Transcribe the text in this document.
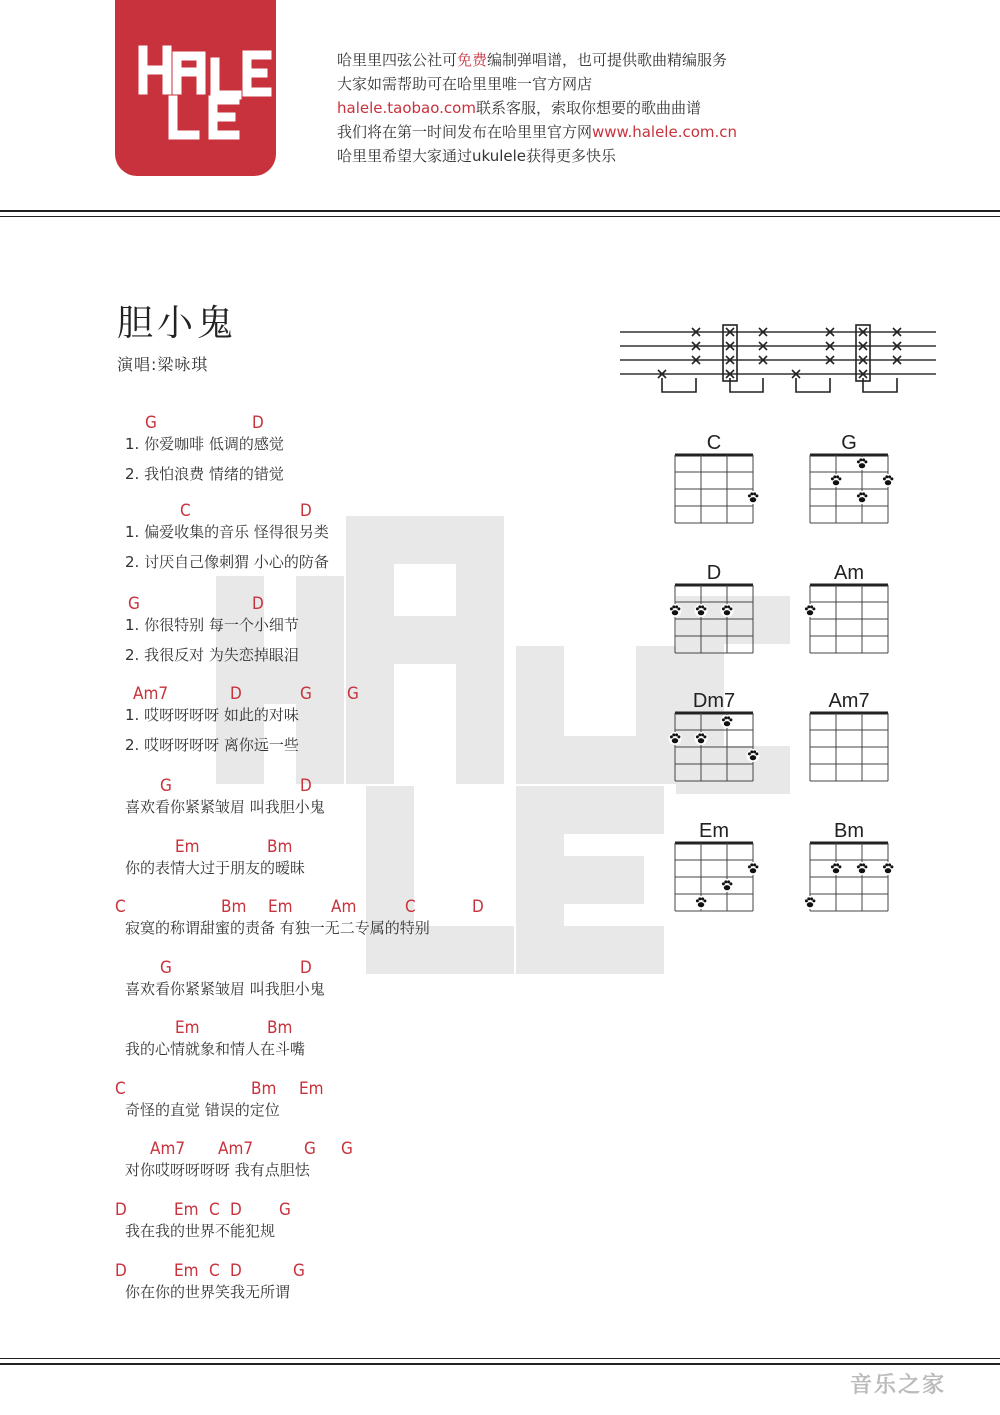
哈里里四弦公社可免费编制弹唱谱，也可提供歌曲精编服务
大家如需帮助可在哈里里唯一官方网店
halele.taobao.com联系客服，索取你想要的歌曲曲谱
我们将在第一时间发布在哈里里官方网www.halele.com.cn
哈里里希望大家通过ukulele获得更多快乐
胆小鬼
演唱:梁咏琪
G	D
1. 你爱咖啡 低调的感觉
2. 我怕浪费 情绪的错觉
C	D
1. 偏爱收集的音乐 怪得很另类
2. 讨厌自己像刺猬 小心的防备
G	D
1. 你很特别 每一个小细节
2. 我很反对 为失恋掉眼泪
Am7	D	G G
1. 哎呀呀呀呀 如此的对味
2. 哎呀呀呀呀 离你远一些
G	D
喜欢看你紧紧皱眉 叫我胆小鬼
Em	Bm
你的表情大过于朋友的暧昧
C	Bm Em Am	C	D
寂寞的称谓甜蜜的责备 有独一无二专属的特别
G	D
喜欢看你紧紧皱眉 叫我胆小鬼
Em	Bm
我的心情就象和情人在斗嘴
C	Bm Em
奇怪的直觉 错误的定位
Am7 Am7	G G
对你哎呀呀呀呀 我有点胆怯
D	Em C D G
我在我的世界不能犯规
D	Em C D	G
你在你的世界笑我无所谓
C	G
D	Am
Dm7	Am7
Em	Bm
音乐之家
